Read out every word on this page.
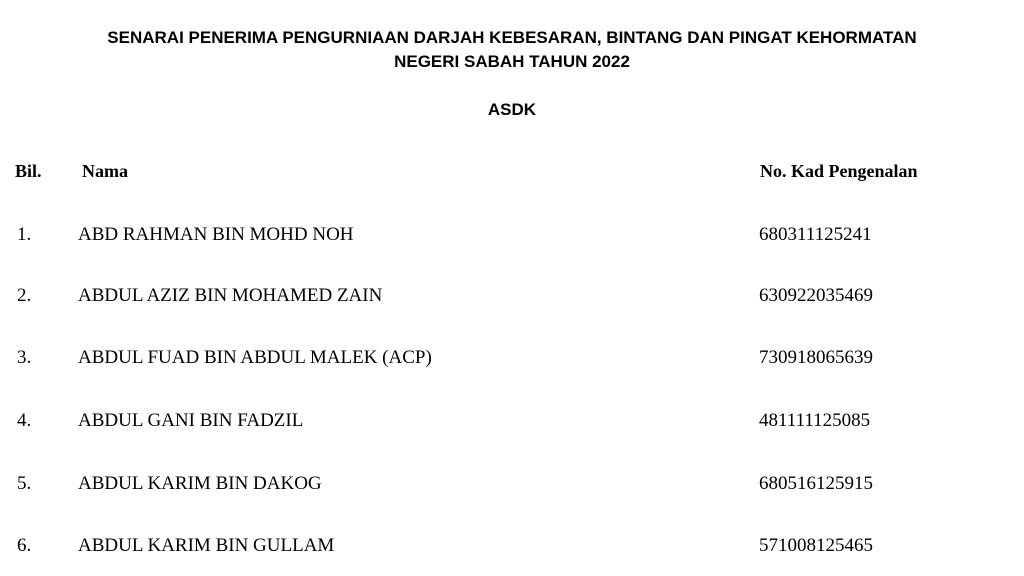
SENARAI PENERIMA PENGURNIAAN DARJAH KEBESARAN, BINTANG DAN PINGAT KEHORMATAN
NEGERI SABAH TAHUN 2022
ASDK
Bil. Nama	No. Kad Pengenalan
1. ABD RAHMAN BIN MOHD NOH	680311125241
2. ABDUL AZIZ BIN MOHAMED ZAIN	630922035469
3. ABDUL FUAD BIN ABDUL MALEK (ACP)	730918065639
4. ABDUL GANI BIN FADZIL	481111125085
5. ABDUL KARIM BIN DAKOG	680516125915
6. ABDUL KARIM BIN GULLAM	571008125465
